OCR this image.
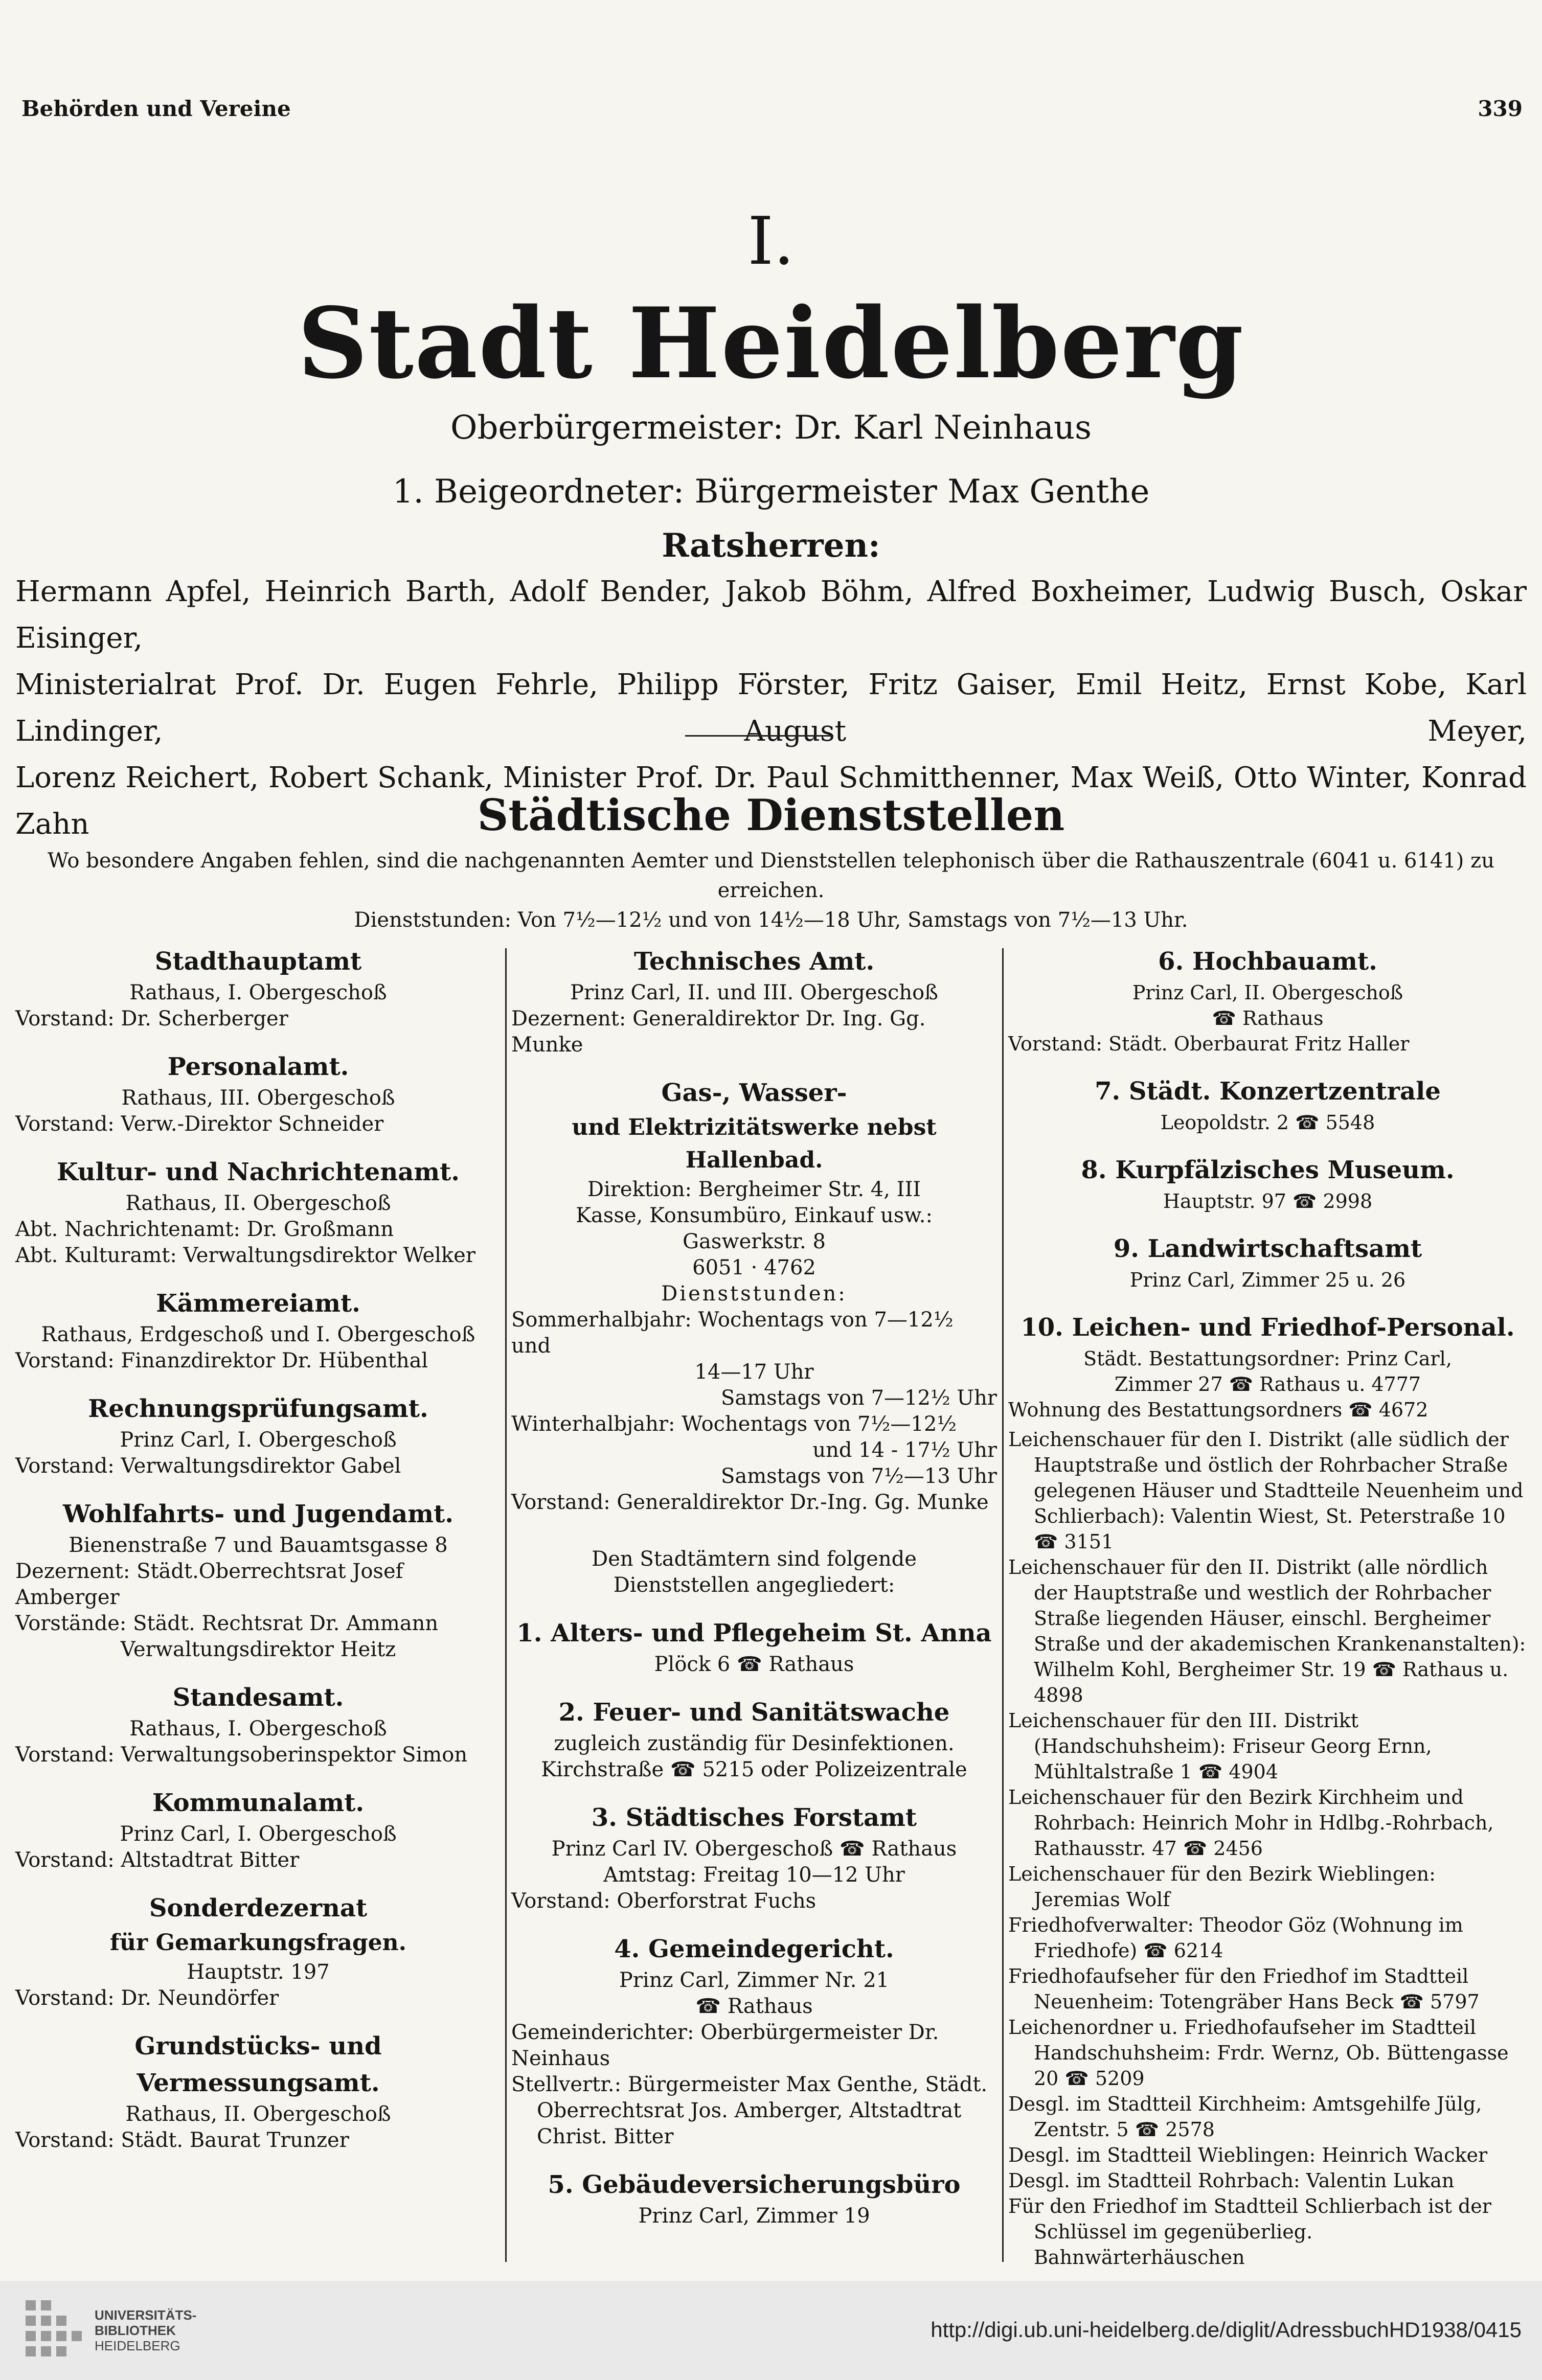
Behörden und Vereine	339
I.
Stadt Heidelberg
Oberbürgermeister: Dr. Karl Neinhaus
1. Beigeordneter: Bürgermeister Max Genthe
Ratsherren:

Hermann Apfel, Heinrich Barth, Adolf Bender, Jakob Böhm, Alfred Boxheimer, Ludwig Busch, Oskar Eisinger,

Ministerialrat Prof. Dr. Eugen Fehrle, Philipp Förster, Fritz Gaiser, Emil Heitz, Ernst Kobe, Karl Lindinger, August Meyer,

Lorenz Reichert, Robert Schank, Minister Prof. Dr. Paul Schmitthenner, Max Weiß, Otto Winter, Konrad Zahn	Städtische Dienststellen

Wo besondere Angaben fehlen, sind die nachgenannten Aemter und Dienststellen telephonisch über die Rathauszentrale (6041 u. 6141) zu erreichen.

Dienststunden: Von 7½—12½ und von 14½—18 Uhr, Samstags von 7½—13 Uhr.

Stadthauptamt

Rathaus, I. Obergeschoß

Vorstand: Dr. Scherberger

Personalamt.

Rathaus, III. Obergeschoß

Vorstand: Verw.-Direktor Schneider

Kultur- und Nachrichtenamt.

Rathaus, II. Obergeschoß

Abt. Nachrichtenamt: Dr. Großmann

Abt. Kulturamt: Verwaltungsdirektor Welker

Kämmereiamt.

Rathaus, Erdgeschoß und I. Obergeschoß

Vorstand: Finanzdirektor Dr. Hübenthal

Rechnungsprüfungsamt.

Prinz Carl, I. Obergeschoß

Vorstand: Verwaltungsdirektor Gabel

Wohlfahrts- und Jugendamt.

Bienenstraße 7 und Bauamtsgasse 8

Dezernent: Städt.Oberrechtsrat Josef Amberger

Vorstände: Städt. Rechtsrat Dr. Ammann

Verwaltungsdirektor Heitz

Standesamt.

Rathaus, I. Obergeschoß

Vorstand: Verwaltungsoberinspektor Simon

Kommunalamt.

Prinz Carl, I. Obergeschoß

Vorstand: Altstadtrat Bitter

Sonderdezernat

für Gemarkungsfragen.

Hauptstr. 197

Vorstand: Dr. Neundörfer

Grundstücks- und Vermessungsamt.

Rathaus, II. Obergeschoß

Vorstand: Städt. Baurat Trunzer

Technisches Amt.

Prinz Carl, II. und III. Obergeschoß

Dezernent: Generaldirektor Dr. Ing. Gg. Munke

Gas-, Wasser-

und Elektrizitätswerke nebst Hallenbad.

Direktion: Bergheimer Str. 4, III

Kasse, Konsumbüro, Einkauf usw.: Gaswerkstr. 8

6051 · 4762

Dienststunden:

Sommerhalbjahr: Wochentags von 7—12½ und

14—17 Uhr

Samstags von 7—12½ Uhr

Winterhalbjahr: Wochentags von 7½—12½

und 14 - 17½ Uhr

Samstags von 7½—13 Uhr

Vorstand: Generaldirektor Dr.-Ing. Gg. Munke

Den Stadtämtern sind folgende Dienststellen angegliedert:

1. Alters- und Pflegeheim St. Anna

Plöck 6 ☎ Rathaus

2. Feuer- und Sanitätswache

zugleich zuständig für Desinfektionen.

Kirchstraße ☎ 5215 oder Polizeizentrale

3. Städtisches Forstamt

Prinz Carl IV. Obergeschoß ☎ Rathaus

Amtstag: Freitag 10—12 Uhr

Vorstand: Oberforstrat Fuchs

4. Gemeindegericht.

Prinz Carl, Zimmer Nr. 21

☎ Rathaus

Gemeinderichter: Oberbürgermeister Dr. Neinhaus

Stellvertr.: Bürgermeister Max Genthe, Städt. Oberrechtsrat Jos. Amberger, Altstadtrat Christ. Bitter

5. Gebäudeversicherungsbüro

Prinz Carl, Zimmer 19

6. Hochbauamt.

Prinz Carl, II. Obergeschoß

☎ Rathaus

Vorstand: Städt. Oberbaurat Fritz Haller

7. Städt. Konzertzentrale

Leopoldstr. 2 ☎ 5548

8. Kurpfälzisches Museum.

Hauptstr. 97 ☎ 2998

9. Landwirtschaftsamt

Prinz Carl, Zimmer 25 u. 26

10. Leichen- und Friedhof-Personal.

Städt. Bestattungsordner: Prinz Carl,

Zimmer 27 ☎ Rathaus u. 4777

Wohnung des Bestattungsordners ☎ 4672

Leichenschauer für den I. Distrikt (alle südlich der Hauptstraße und östlich der Rohrbacher Straße gelegenen Häuser und Stadtteile Neuenheim und Schlierbach): Valentin Wiest, St. Peterstraße 10 ☎ 3151

Leichenschauer für den II. Distrikt (alle nördlich der Hauptstraße und westlich der Rohrbacher Straße liegenden Häuser, einschl. Bergheimer Straße und der akademischen Krankenanstalten): Wilhelm Kohl, Bergheimer Str. 19 ☎ Rathaus u. 4898

Leichenschauer für den III. Distrikt (Handschuhsheim): Friseur Georg Ernn, Mühltalstraße 1 ☎ 4904

Leichenschauer für den Bezirk Kirchheim und Rohrbach: Heinrich Mohr in Hdlbg.-Rohrbach, Rathausstr. 47 ☎ 2456

Leichenschauer für den Bezirk Wieblingen: Jeremias Wolf

Friedhofverwalter: Theodor Göz (Wohnung im Friedhofe) ☎ 6214

Friedhofaufseher für den Friedhof im Stadtteil Neuenheim: Totengräber Hans Beck ☎ 5797

Leichenordner u. Friedhofaufseher im Stadtteil Handschuhsheim: Frdr. Wernz, Ob. Büttengasse 20 ☎ 5209

Desgl. im Stadtteil Kirchheim: Amtsgehilfe Jülg, Zentstr. 5 ☎ 2578

Desgl. im Stadtteil Wieblingen: Heinrich Wacker

Desgl. im Stadtteil Rohrbach: Valentin Lukan

Für den Friedhof im Stadtteil Schlierbach ist der Schlüssel im gegenüberlieg. Bahnwärterhäuschen

UNIVERSITÄTS-

BIBLIOTHEK

HEIDELBERG

http://digi.ub.uni-heidelberg.de/diglit/AdressbuchHD1938/0415
